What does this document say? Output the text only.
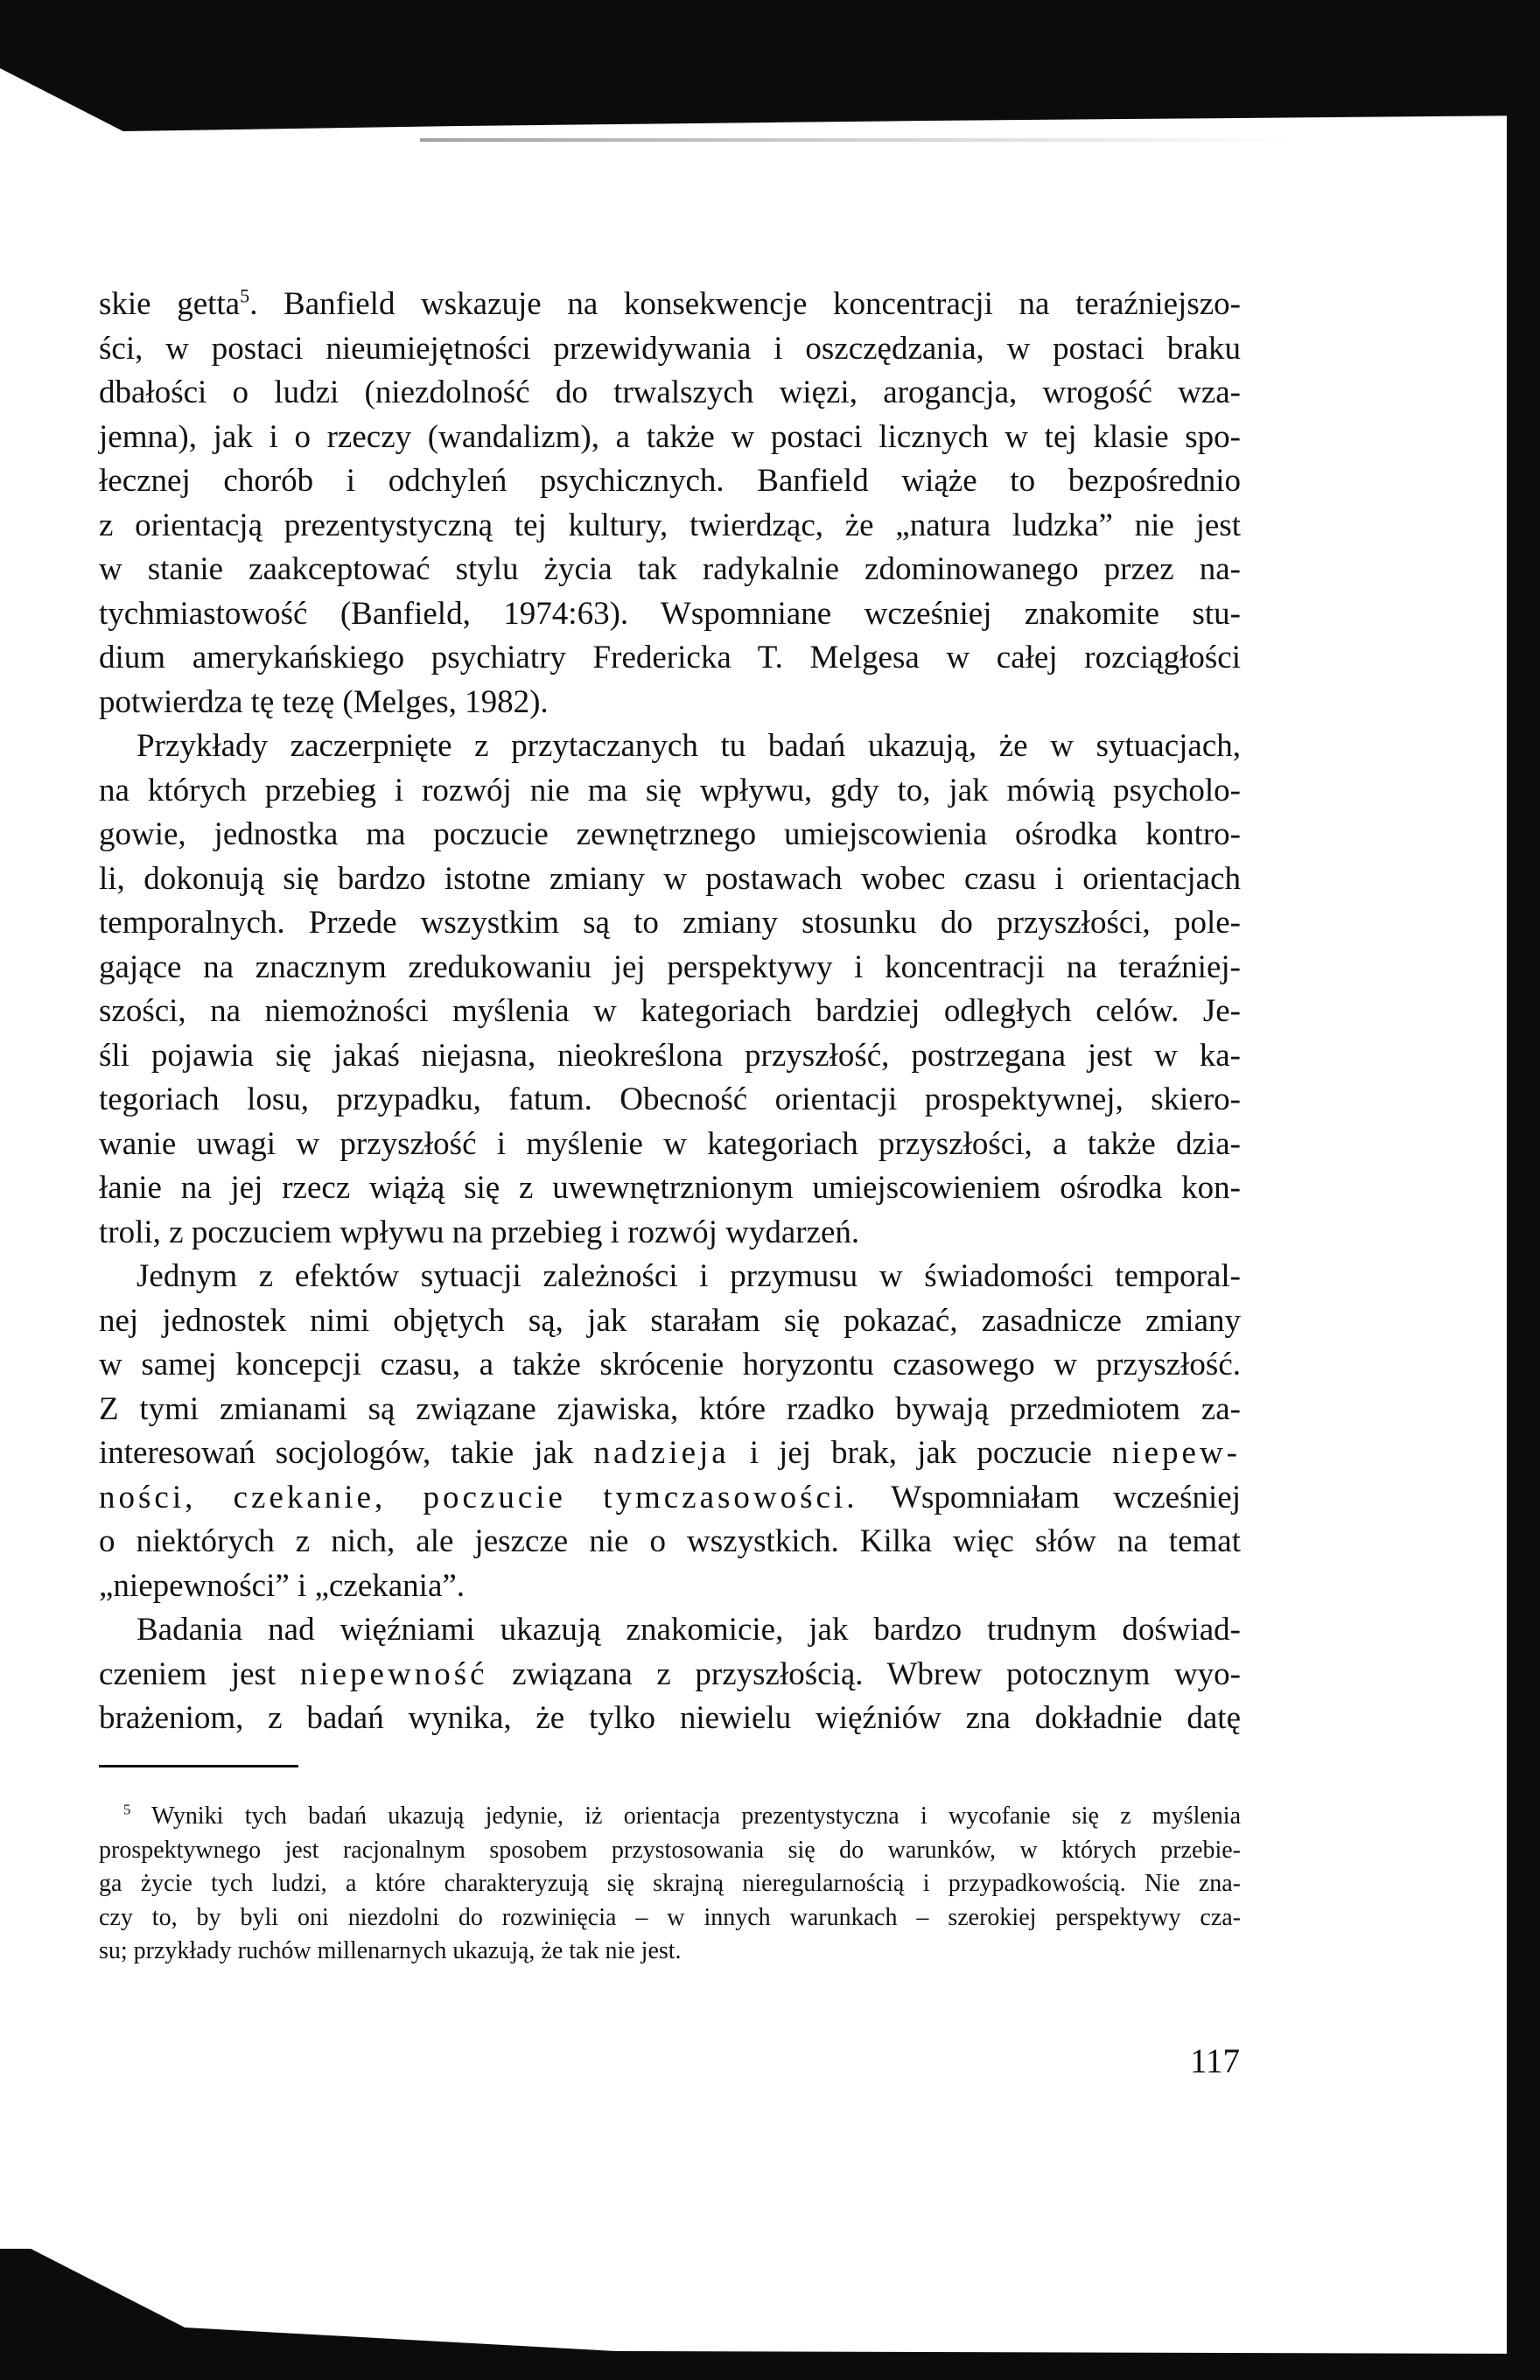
skie getta$^5$. Banfield wskazuje na konsekwencje koncentracji na teraźniejszo-
ści, w postaci nieumiejętności przewidywania i oszczędzania, w postaci braku
dbałości o ludzi (niezdolność do trwalszych więzi, arogancja, wrogość wza-
jemna), jak i o rzeczy (wandalizm), a także w postaci licznych w tej klasie spo-
łecznej chorób i odchyleń psychicznych. Banfield wiąże to bezpośrednio
z orientacją prezentystyczną tej kultury, twierdząc, że „natura ludzka” nie jest
w stanie zaakceptować stylu życia tak radykalnie zdominowanego przez na-
tychmiastowość (Banfield, 1974:63). Wspomniane wcześniej znakomite stu-
dium amerykańskiego psychiatry Fredericka T. Melgesa w całej rozciągłości
potwierdza tę tezę (Melges, 1982).
Przykłady zaczerpnięte z przytaczanych tu badań ukazują, że w sytuacjach,
na których przebieg i rozwój nie ma się wpływu, gdy to, jak mówią psycholo-
gowie, jednostka ma poczucie zewnętrznego umiejscowienia ośrodka kontro-
li, dokonują się bardzo istotne zmiany w postawach wobec czasu i orientacjach
temporalnych. Przede wszystkim są to zmiany stosunku do przyszłości, pole-
gające na znacznym zredukowaniu jej perspektywy i koncentracji na teraźniej-
szości, na niemożności myślenia w kategoriach bardziej odległych celów. Je-
śli pojawia się jakaś niejasna, nieokreślona przyszłość, postrzegana jest w ka-
tegoriach losu, przypadku, fatum. Obecność orientacji prospektywnej, skiero-
wanie uwagi w przyszłość i myślenie w kategoriach przyszłości, a także dzia-
łanie na jej rzecz wiążą się z uwewnętrznionym umiejscowieniem ośrodka kon-
troli, z poczuciem wpływu na przebieg i rozwój wydarzeń.
Jednym z efektów sytuacji zależności i przymusu w świadomości temporal-
nej jednostek nimi objętych są, jak starałam się pokazać, zasadnicze zmiany
w samej koncepcji czasu, a także skrócenie horyzontu czasowego w przyszłość.
Z tymi zmianami są związane zjawiska, które rzadko bywają przedmiotem za-
interesowań socjologów, takie jak nadzieja i jej brak, jak poczucie niepew-
ności, czekanie, poczucie tymczasowości. Wspomniałam wcześniej
o niektórych z nich, ale jeszcze nie o wszystkich. Kilka więc słów na temat
„niepewności” i „czekania”.
Badania nad więźniami ukazują znakomicie, jak bardzo trudnym doświad-
czeniem jest niepewność związana z przyszłością. Wbrew potocznym wyo-
brażeniom, z badań wynika, że tylko niewielu więźniów zna dokładnie datę
$^5$ Wyniki tych badań ukazują jedynie, iż orientacja prezentystyczna i wycofanie się z myślenia
prospektywnego jest racjonalnym sposobem przystosowania się do warunków, w których przebie-
ga życie tych ludzi, a które charakteryzują się skrajną nieregularnością i przypadkowością. Nie zna-
czy to, by byli oni niezdolni do rozwinięcia – w innych warunkach – szerokiej perspektywy cza-
su; przykłady ruchów millenarnych ukazują, że tak nie jest.
117
